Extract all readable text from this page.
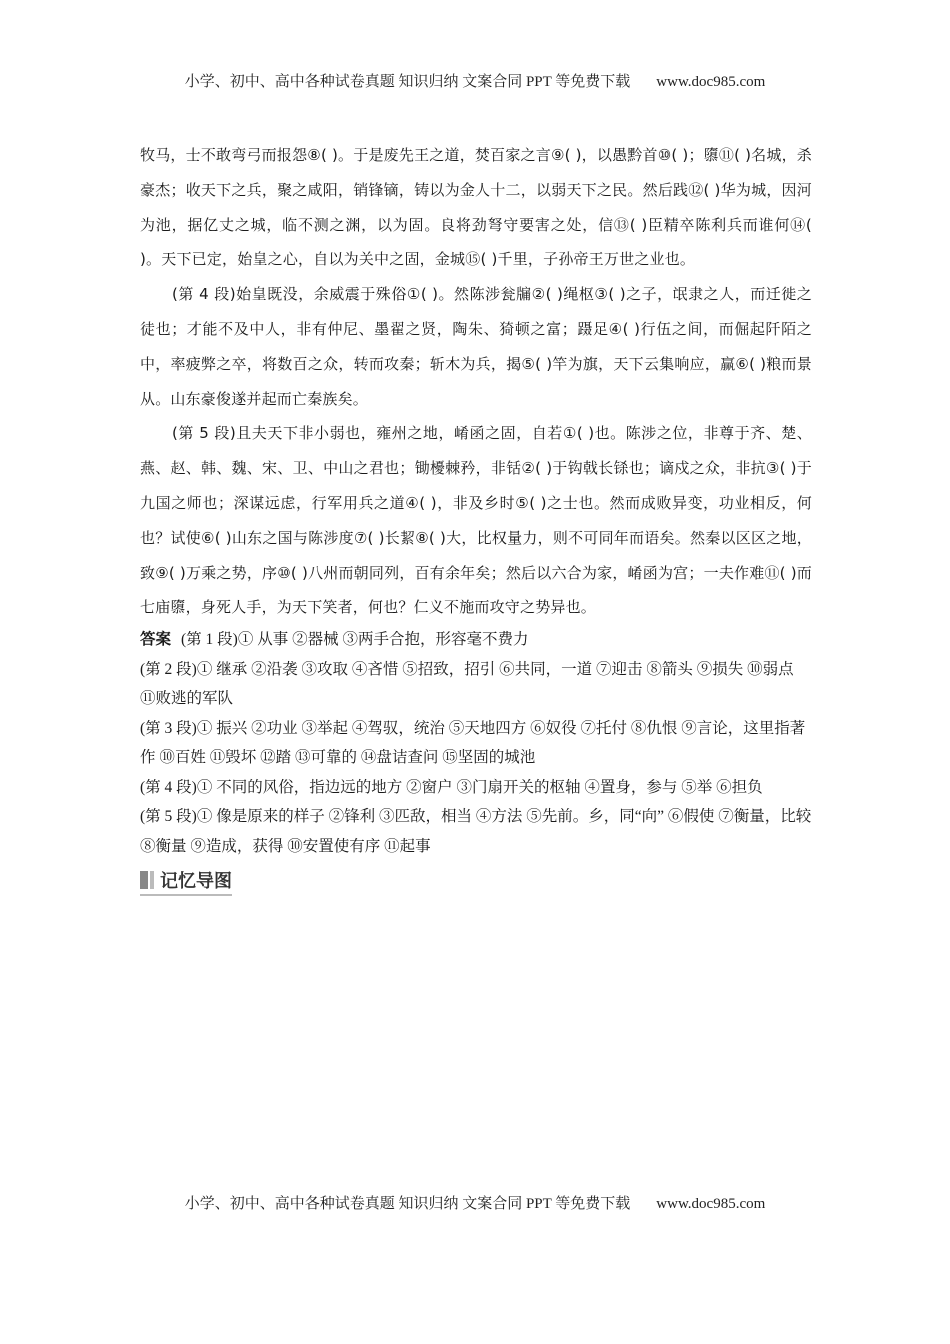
小学、初中、高中各种试卷真题 知识归纳 文案合同 PPT 等免费下载 www.doc985.com

牧马，士不敢弯弓而报怨⑧( )。于是废先王之道，焚百家之言⑨( )，以愚黔首⑩( )；隳⑪( )名城，杀豪杰；收天下之兵，聚之咸阳，销锋镝，铸以为金人十二，以弱天下之民。然后践⑫( )华为城，因河为池，据亿丈之城，临不测之渊，以为固。良将劲弩守要害之处，信⑬( )臣精卒陈利兵而谁何⑭( )。天下已定，始皇之心，自以为关中之固，金城⑮( )千里，子孙帝王万世之业也。

(第 4 段)始皇既没，余威震于殊俗①( )。然陈涉瓮牖②( )绳枢③( )之子，氓隶之人，而迁徙之徒也；才能不及中人，非有仲尼、墨翟之贤，陶朱、猗顿之富；蹑足④( )行伍之间，而倔起阡陌之中，率疲弊之卒，将数百之众，转而攻秦；斩木为兵，揭⑤( )竿为旗，天下云集响应，赢⑥( )粮而景从。山东豪俊遂并起而亡秦族矣。

(第 5 段)且夫天下非小弱也，雍州之地，崤函之固，自若①( )也。陈涉之位，非尊于齐、楚、燕、赵、韩、魏、宋、卫、中山之君也；锄櫌棘矜，非铦②( )于钩戟长铩也；谪戍之众，非抗③( )于九国之师也；深谋远虑，行军用兵之道④( )，非及乡时⑤( )之士也。然而成败异变，功业相反，何也？试使⑥( )山东之国与陈涉度⑦( )长絜⑧( )大，比权量力，则不可同年而语矣。然秦以区区之地，致⑨( )万乘之势，序⑩( )八州而朝同列，百有余年矣；然后以六合为家，崤函为宫；一夫作难⑪( )而七庙隳，身死人手，为天下笑者，何也？仁义不施而攻守之势异也。

答案 (第 1 段)① 从事 ②器械 ③两手合抱，形容毫不费力

(第 2 段)① 继承 ②沿袭 ③攻取 ④吝惜 ⑤招致，招引 ⑥共同，一道 ⑦迎击 ⑧箭头 ⑨损失 ⑩弱点 ⑪败逃的军队

(第 3 段)① 振兴 ②功业 ③举起 ④驾驭，统治 ⑤天地四方 ⑥奴役 ⑦托付 ⑧仇恨 ⑨言论，这里指著作 ⑩百姓 ⑪毁坏 ⑫踏 ⑬可靠的 ⑭盘诘查问 ⑮坚固的城池

(第 4 段)① 不同的风俗，指边远的地方 ②窗户 ③门扇开关的枢轴 ④置身，参与 ⑤举 ⑥担负

(第 5 段)① 像是原来的样子 ②锋利 ③匹敌，相当 ④方法 ⑤先前。乡，同“向” ⑥假使 ⑦衡量，比较 ⑧衡量 ⑨造成，获得 ⑩安置使有序 ⑪起事

记忆导图
小学、初中、高中各种试卷真题 知识归纳 文案合同 PPT 等免费下载 www.doc985.com
